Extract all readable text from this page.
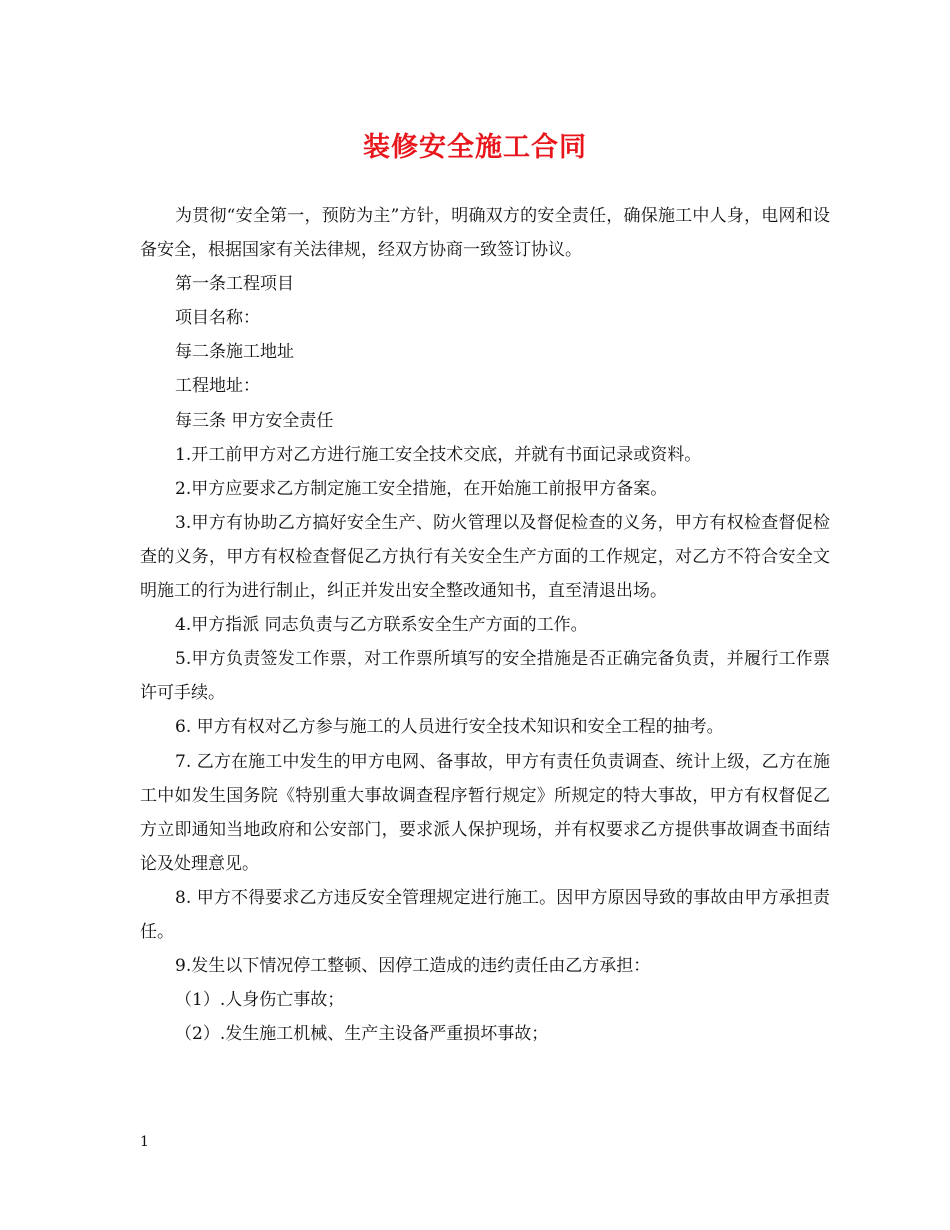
装修安全施工合同

为贯彻“安全第一，预防为主”方针，明确双方的安全责任，确保施工中人身，电网和设备安全，根据国家有关法律规，经双方协商一致签订协议。

第一条工程项目

项目名称：

每二条施工地址

工程地址：

每三条 甲方安全责任

1.开工前甲方对乙方进行施工安全技术交底，并就有书面记录或资料。

2.甲方应要求乙方制定施工安全措施，在开始施工前报甲方备案。

3.甲方有协助乙方搞好安全生产、防火管理以及督促检查的义务，甲方有权检查督促检查的义务，甲方有权检查督促乙方执行有关安全生产方面的工作规定，对乙方不符合安全文明施工的行为进行制止，纠正并发出安全整改通知书，直至清退出场。

4.甲方指派 同志负责与乙方联系安全生产方面的工作。

5.甲方负责签发工作票，对工作票所填写的安全措施是否正确完备负责，并履行工作票许可手续。

6. 甲方有权对乙方参与施工的人员进行安全技术知识和安全工程的抽考。

7. 乙方在施工中发生的甲方电网、备事故，甲方有责任负责调查、统计上级，乙方在施工中如发生国务院《特别重大事故调查程序暂行规定》所规定的特大事故，甲方有权督促乙方立即通知当地政府和公安部门，要求派人保护现场，并有权要求乙方提供事故调查书面结论及处理意见。

8. 甲方不得要求乙方违反安全管理规定进行施工。因甲方原因导致的事故由甲方承担责任。

9.发生以下情况停工整顿、因停工造成的违约责任由乙方承担：

（1）.人身伤亡事故；

（2）.发生施工机械、生产主设备严重损坏事故；

1
